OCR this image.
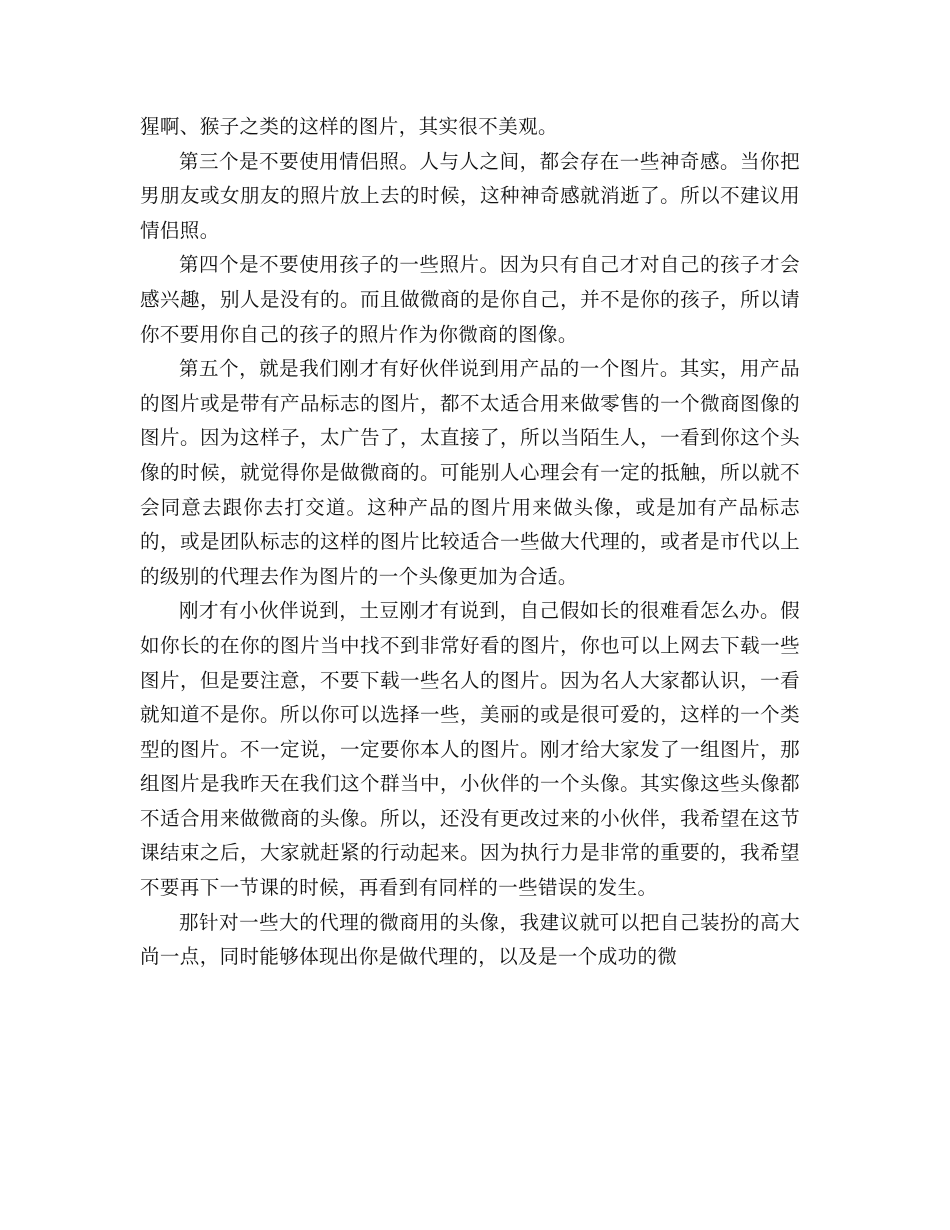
猩啊、猴子之类的这样的图片，其实很不美观。

第三个是不要使用情侣照。人与人之间，都会存在一些神奇感。当你把男朋友或女朋友的照片放上去的时候，这种神奇感就消逝了。所以不建议用情侣照。

第四个是不要使用孩子的一些照片。因为只有自己才对自己的孩子才会感兴趣，别人是没有的。而且做微商的是你自己，并不是你的孩子，所以请你不要用你自己的孩子的照片作为你微商的图像。

第五个，就是我们刚才有好伙伴说到用产品的一个图片。其实，用产品的图片或是带有产品标志的图片，都不太适合用来做零售的一个微商图像的图片。因为这样子，太广告了，太直接了，所以当陌生人，一看到你这个头像的时候，就觉得你是做微商的。可能别人心理会有一定的抵触，所以就不会同意去跟你去打交道。这种产品的图片用来做头像，或是加有产品标志的，或是团队标志的这样的图片比较适合一些做大代理的，或者是市代以上的级别的代理去作为图片的一个头像更加为合适。

刚才有小伙伴说到，土豆刚才有说到，自己假如长的很难看怎么办。假如你长的在你的图片当中找不到非常好看的图片，你也可以上网去下载一些图片，但是要注意，不要下载一些名人的图片。因为名人大家都认识，一看就知道不是你。所以你可以选择一些，美丽的或是很可爱的，这样的一个类型的图片。不一定说，一定要你本人的图片。刚才给大家发了一组图片，那组图片是我昨天在我们这个群当中，小伙伴的一个头像。其实像这些头像都不适合用来做微商的头像。所以，还没有更改过来的小伙伴，我希望在这节课结束之后，大家就赶紧的行动起来。因为执行力是非常的重要的，我希望不要再下一节课的时候，再看到有同样的一些错误的发生。

那针对一些大的代理的微商用的头像，我建议就可以把自己装扮的高大尚一点，同时能够体现出你是做代理的，以及是一个成功的微
